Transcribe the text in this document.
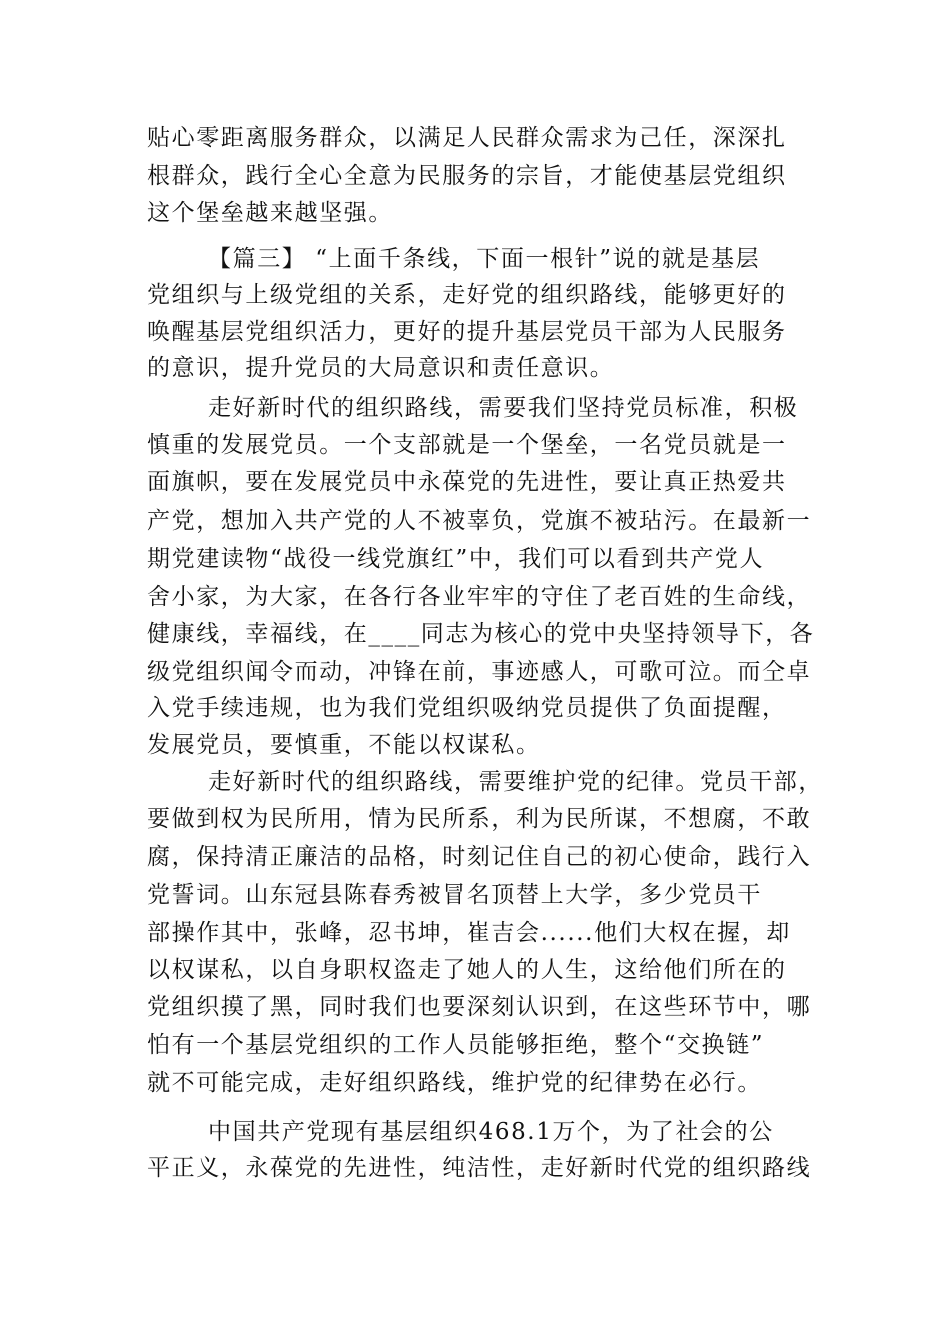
贴心零距离服务群众，以满足人民群众需求为己任，深深扎
根群众，践行全心全意为民服务的宗旨，才能使基层党组织
这个堡垒越来越坚强。
【篇三】 “上面千条线，下面一根针”说的就是基层
党组织与上级党组的关系，走好党的组织路线，能够更好的
唤醒基层党组织活力，更好的提升基层党员干部为人民服务
的意识，提升党员的大局意识和责任意识。
走好新时代的组织路线，需要我们坚持党员标准，积极
慎重的发展党员。一个支部就是一个堡垒，一名党员就是一
面旗帜，要在发展党员中永葆党的先进性，要让真正热爱共
产党，想加入共产党的人不被辜负，党旗不被玷污。在最新一
期党建读物“战役一线党旗红”中，我们可以看到共产党人
舍小家，为大家，在各行各业牢牢的守住了老百姓的生命线，
健康线，幸福线，在____同志为核心的党中央坚持领导下，各
级党组织闻令而动，冲锋在前，事迹感人，可歌可泣。而仝卓
入党手续违规，也为我们党组织吸纳党员提供了负面提醒，
发展党员，要慎重，不能以权谋私。
走好新时代的组织路线，需要维护党的纪律。党员干部，
要做到权为民所用，情为民所系，利为民所谋，不想腐，不敢
腐，保持清正廉洁的品格，时刻记住自己的初心使命，践行入
党誓词。山东冠县陈春秀被冒名顶替上大学，多少党员干
部操作其中，张峰，忍书坤，崔吉会......他们大权在握，却
以权谋私，以自身职权盗走了她人的人生，这给他们所在的
党组织摸了黑，同时我们也要深刻认识到，在这些环节中，哪
怕有一个基层党组织的工作人员能够拒绝，整个“交换链”
就不可能完成，走好组织路线，维护党的纪律势在必行。
中国共产党现有基层组织468.1万个，为了社会的公
平正义，永葆党的先进性，纯洁性，走好新时代党的组织路线
